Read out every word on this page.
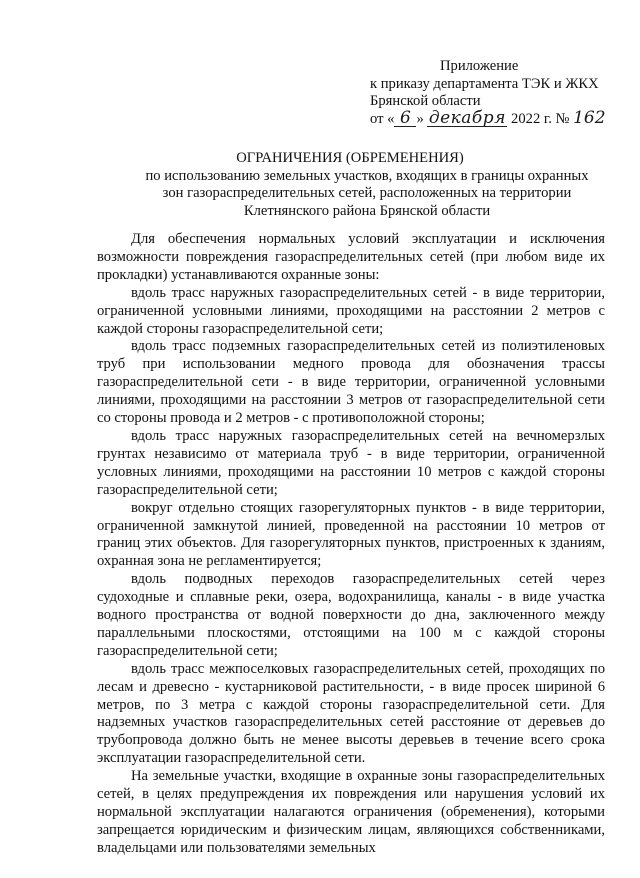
Приложение
к приказу департамента ТЭК и ЖКХ
Брянской области
от « 6 » декабря 2022 г. № 162
ОГРАНИЧЕНИЯ (ОБРЕМЕНЕНИЯ)
по использованию земельных участков, входящих в границы охранных
зон газораспределительных сетей, расположенных на территории
Клетнянского района Брянской области

Для обеспечения нормальных условий эксплуатации и исключения возможности повреждения газораспределительных сетей (при любом виде их прокладки) устанавливаются охранные зоны:

вдоль трасс наружных газораспределительных сетей - в виде территории, ограниченной условными линиями, проходящими на расстоянии 2 метров с каждой стороны газораспределительной сети;

вдоль трасс подземных газораспределительных сетей из полиэтиленовых труб при использовании медного провода для обозначения трассы газораспределительной сети - в виде территории, ограниченной условными линиями, проходящими на расстоянии 3 метров от газораспределительной сети со стороны провода и 2 метров - с противоположной стороны;

вдоль трасс наружных газораспределительных сетей на вечномерзлых грунтах независимо от материала труб - в виде территории, ограниченной условных линиями, проходящими на расстоянии 10 метров с каждой стороны газораспределительной сети;

вокруг отдельно стоящих газорегуляторных пунктов - в виде территории, ограниченной замкнутой линией, проведенной на расстоянии 10 метров от границ этих объектов. Для газорегуляторных пунктов, пристроенных к зданиям, охранная зона не регламентируется;

вдоль подводных переходов газораспределительных сетей через судоходные и сплавные реки, озера, водохранилища, каналы - в виде участка водного пространства от водной поверхности до дна, заключенного между параллельными плоскостями, отстоящими на 100 м с каждой стороны газораспределительной сети;

вдоль трасс межпоселковых газораспределительных сетей, проходящих по лесам и древесно - кустарниковой растительности, - в виде просек шириной 6 метров, по 3 метра с каждой стороны газораспределительной сети. Для надземных участков газораспределительных сетей расстояние от деревьев до трубопровода должно быть не менее высоты деревьев в течение всего срока эксплуатации газораспределительной сети.

На земельные участки, входящие в охранные зоны газораспределительных сетей, в целях предупреждения их повреждения или нарушения условий их нормальной эксплуатации налагаются ограничения (обременения), которыми запрещается юридическим и физическим лицам, являющихся собственниками, владельцами или пользователями земельных
